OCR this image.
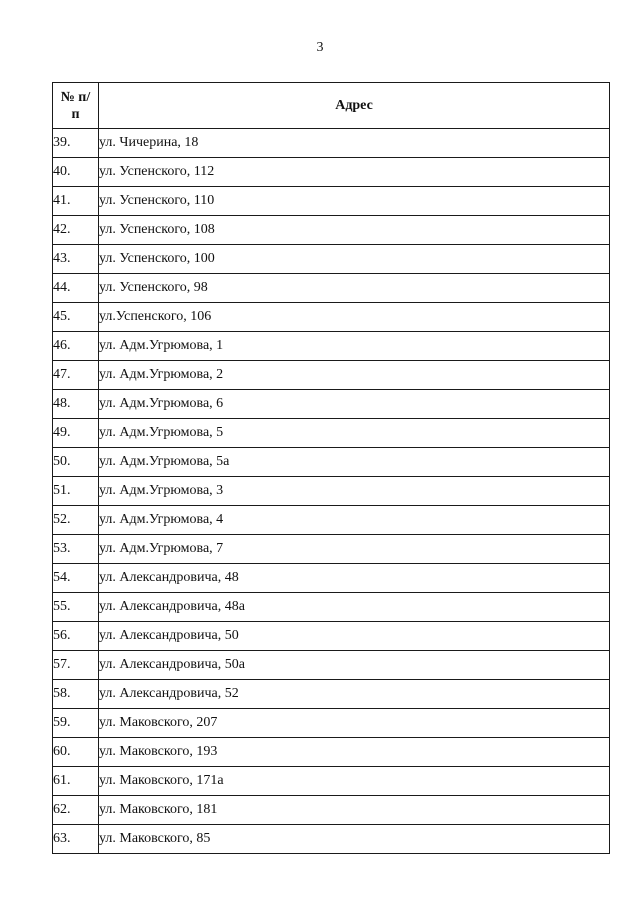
3
№ п/
п	Адрес
39.	ул. Чичерина, 18
40.	ул. Успенского, 112
41.	ул. Успенского, 110
42.	ул. Успенского, 108
43.	ул. Успенского, 100
44.	ул. Успенского, 98
45.	ул.Успенского, 106
46.	ул. Адм.Угрюмова, 1
47.	ул. Адм.Угрюмова, 2
48.	ул. Адм.Угрюмова, 6
49.	ул. Адм.Угрюмова, 5
50.	ул. Адм.Угрюмова, 5а
51.	ул. Адм.Угрюмова, 3
52.	ул. Адм.Угрюмова, 4
53.	ул. Адм.Угрюмова, 7
54.	ул. Александровича, 48
55.	ул. Александровича, 48а
56.	ул. Александровича, 50
57.	ул. Александровича, 50а
58.	ул. Александровича, 52
59.	ул. Маковского, 207
60.	ул. Маковского, 193
61.	ул. Маковского, 171а
62.	ул. Маковского, 181
63.	ул. Маковского, 85
